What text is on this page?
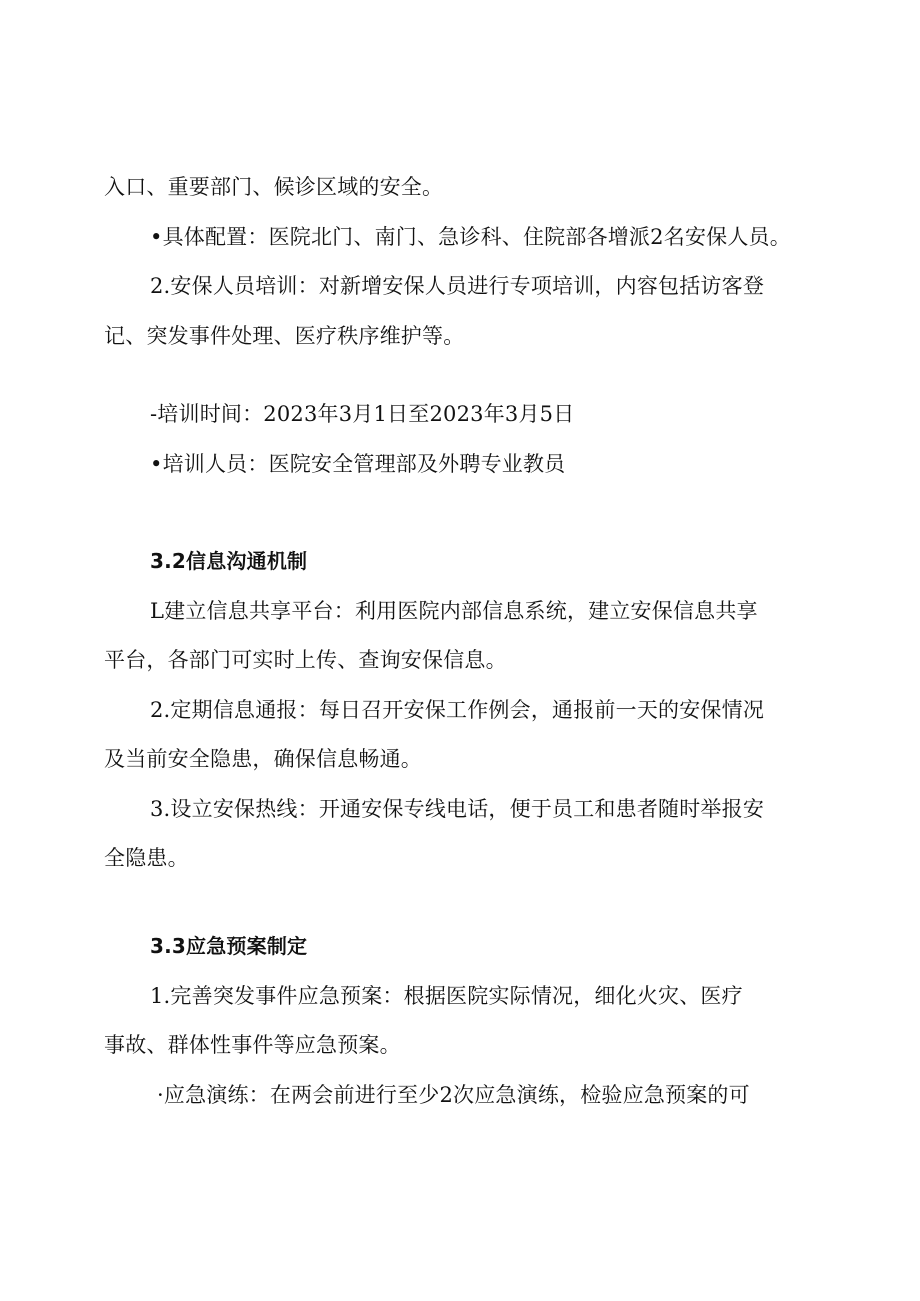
入口、重要部门、候诊区域的安全。
•具体配置：医院北门、南门、急诊科、住院部各增派2名安保人员。
2.安保人员培训：对新增安保人员进行专项培训，内容包括访客登
记、突发事件处理、医疗秩序维护等。
-培训时间：2023年3月1日至2023年3月5日
•培训人员：医院安全管理部及外聘专业教员
3.2信息沟通机制
L建立信息共享平台：利用医院内部信息系统，建立安保信息共享
平台，各部门可实时上传、查询安保信息。
2.定期信息通报：每日召开安保工作例会，通报前一天的安保情况
及当前安全隐患，确保信息畅通。
3.设立安保热线：开通安保专线电话，便于员工和患者随时举报安
全隐患。
3.3应急预案制定
1.完善突发事件应急预案：根据医院实际情况，细化火灾、医疗
事故、群体性事件等应急预案。
·应急演练：在两会前进行至少2次应急演练，检验应急预案的可
